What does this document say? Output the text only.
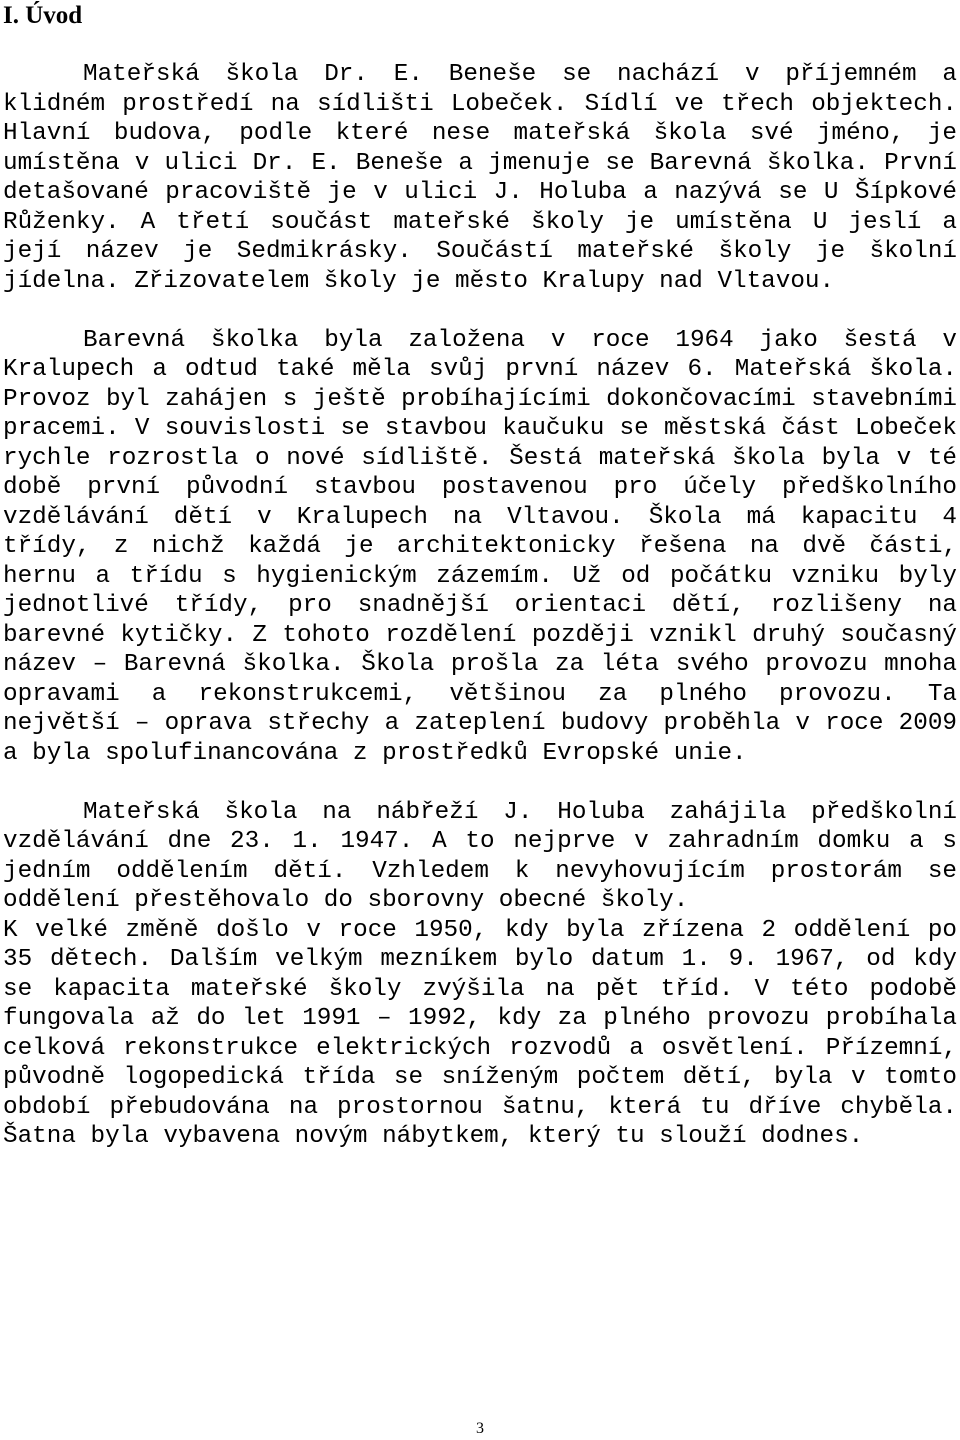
I. Úvod

Mateřská škola Dr. E. Beneše se nachází v příjemném a klidném prostředí na sídlišti Lobeček. Sídlí ve třech objektech. Hlavní budova, podle které nese mateřská škola své jméno, je umístěna v ulici Dr. E. Beneše a jmenuje se Barevná školka. První detašované pracoviště je v ulici J. Holuba a nazývá se U Šípkové Růženky. A třetí součást mateřské školy je umístěna U jeslí a její název je Sedmikrásky. Součástí mateřské školy je školní jídelna. Zřizovatelem školy je město Kralupy nad Vltavou.

Barevná školka byla založena v roce 1964 jako šestá v Kralupech a odtud také měla svůj první název 6. Mateřská škola. Provoz byl zahájen s ještě probíhajícími dokončovacími stavebními pracemi. V souvislosti se stavbou kaučuku se městská část Lobeček rychle rozrostla o nové sídliště. Šestá mateřská škola byla v té době první původní stavbou postavenou pro účely předškolního vzdělávání dětí v Kralupech na Vltavou. Škola má kapacitu 4 třídy, z nichž každá je architektonicky řešena na dvě části, hernu a třídu s hygienickým zázemím. Už od počátku vzniku byly jednotlivé třídy, pro snadnější orientaci dětí, rozlišeny na barevné kytičky. Z tohoto rozdělení později vznikl druhý současný název – Barevná školka. Škola prošla za léta svého provozu mnoha opravami a rekonstrukcemi, většinou za plného provozu. Ta největší – oprava střechy a zateplení budovy proběhla v roce 2009 a byla spolufinancována z prostředků Evropské unie.

Mateřská škola na nábřeží J. Holuba zahájila předškolní vzdělávání dne 23. 1. 1947. A to nejprve v zahradním domku a s jedním oddělením dětí. Vzhledem k nevyhovujícím prostorám se oddělení přestěhovalo do sborovny obecné školy.

K velké změně došlo v roce 1950, kdy byla zřízena 2 oddělení po 35 dětech. Dalším velkým mezníkem bylo datum 1. 9. 1967, od kdy se kapacita mateřské školy zvýšila na pět tříd. V této podobě fungovala až do let 1991 – 1992, kdy za plného provozu probíhala celková rekonstrukce elektrických rozvodů a osvětlení. Přízemní, původně logopedická třída se sníženým počtem dětí, byla v tomto období přebudována na prostornou šatnu, která tu dříve chyběla. Šatna byla vybavena novým nábytkem, který tu slouží dodnes.

3
